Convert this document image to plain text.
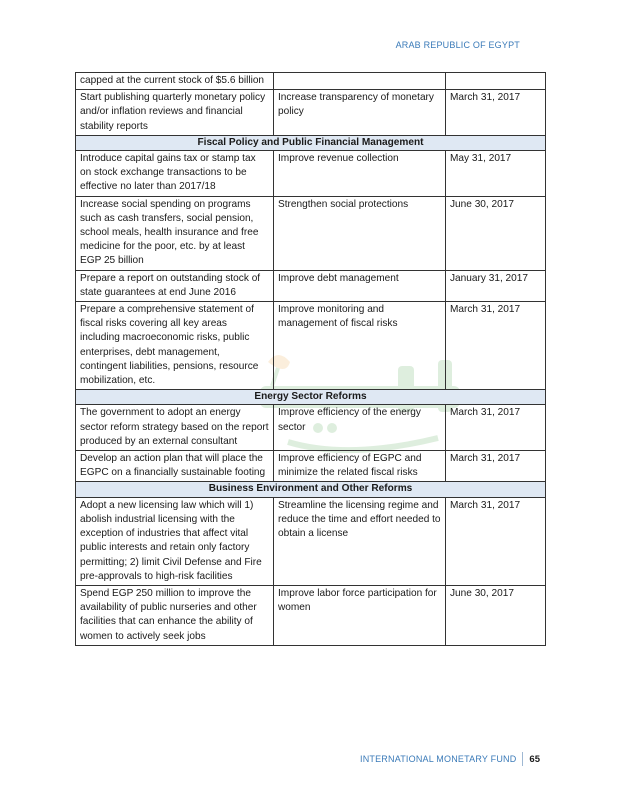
ARAB REPUBLIC OF EGYPT
capped at the current stock of $5.6 billion		
Start publishing quarterly monetary policy and/or inflation reviews and financial stability reports	Increase transparency of monetary policy	March 31, 2017
Fiscal Policy and Public Financial Management		
Introduce capital gains tax or stamp tax on stock exchange transactions to be effective no later than 2017/18	Improve revenue collection	May 31, 2017
Increase social spending on programs such as cash transfers, social pension, school meals, health insurance and free medicine for the poor, etc. by at least EGP 25 billion	Strengthen social protections	June 30, 2017
Prepare a report on outstanding stock of state guarantees at end June 2016	Improve debt management	January 31, 2017
Prepare a comprehensive statement of fiscal risks covering all key areas including macroeconomic risks, public enterprises, debt management, contingent liabilities, pensions, resource mobilization, etc.	Improve monitoring and management of fiscal risks	March 31, 2017
Energy Sector Reforms		
The government to adopt an energy sector reform strategy based on the report produced by an external consultant	Improve efficiency of the energy sector	March 31, 2017
Develop an action plan that will place the EGPC on a financially sustainable footing	Improve efficiency of EGPC and minimize the related fiscal risks	March 31, 2017
Business Environment and Other Reforms		
Adopt a new licensing law which will 1) abolish industrial licensing with the exception of industries that affect vital public interests and retain only factory permitting; 2) limit Civil Defense and Fire pre-approvals to high-risk facilities	Streamline the licensing regime and reduce the time and effort needed to obtain a license	March 31, 2017
Spend EGP 250 million to improve the availability of public nurseries and other facilities that can enhance the ability of women to actively seek jobs	Improve labor force participation for women	June 30, 2017
INTERNATIONAL MONETARY FUND 65
